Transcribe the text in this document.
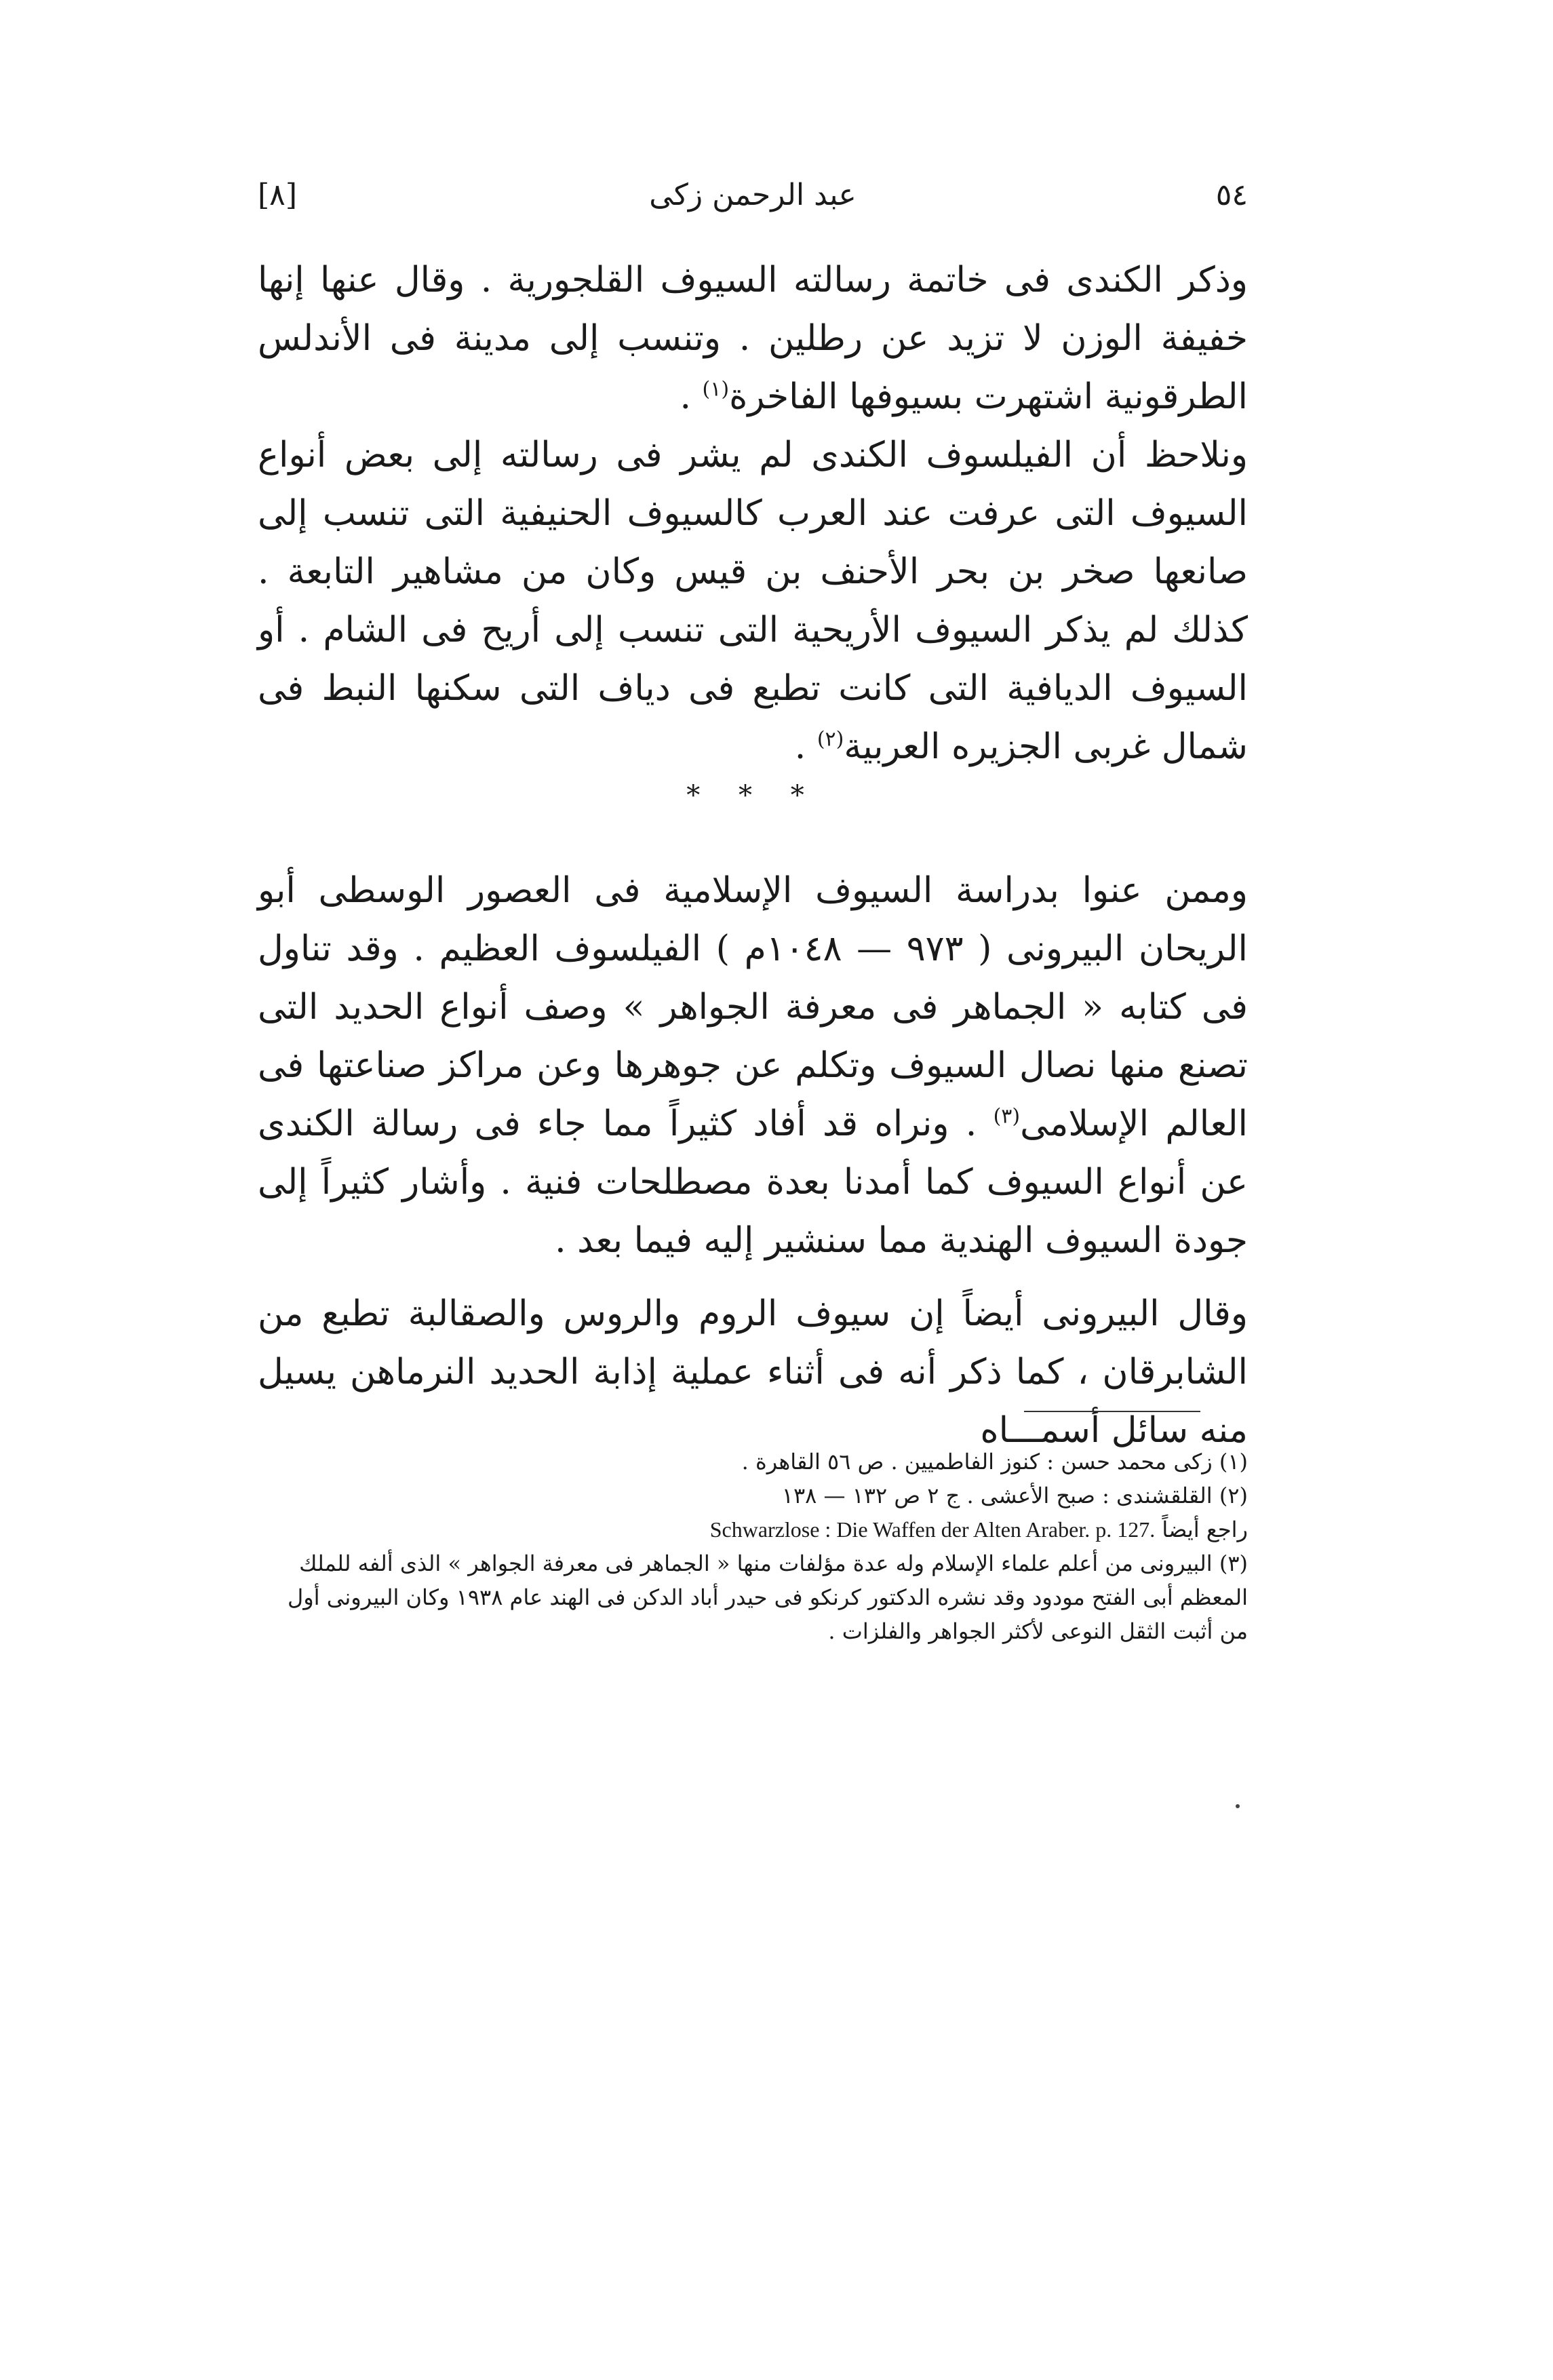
[٨]	عبد الرحمن زكى	٥٤

وذكر الكندى فى خاتمة رسالته السيوف القلجورية . وقال عنها إنها خفيفة الوزن لا تزيد عن رطلين . وتنسب إلى مدينة فى الأندلس الطرقونية اشتهرت بسيوفها الفاخرة$^{(١)}$ .

ونلاحظ أن الفيلسوف الكندى لم يشر فى رسالته إلى بعض أنواع السيوف التى عرفت عند العرب كالسيوف الحنيفية التى تنسب إلى صانعها صخر بن بحر الأحنف بن قيس وكان من مشاهير التابعة . كذلك لم يذكر السيوف الأريحية التى تنسب إلى أريح فى الشام . أو السيوف الديافية التى كانت تطبع فى دياف التى سكنها النبط فى شمال غربى الجزيره العربية$^{(٢)}$ .

* * *

وممن عنوا بدراسة السيوف الإسلامية فى العصور الوسطى أبو الريحان البيرونى ( ٩٧٣ — ١٠٤٨م ) الفيلسوف العظيم . وقد تناول فى كتابه « الجماهر فى معرفة الجواهر » وصف أنواع الحديد التى تصنع منها نصال السيوف وتكلم عن جوهرها وعن مراكز صناعتها فى العالم الإسلامى$^{(٣)}$ . ونراه قد أفاد كثيراً مما جاء فى رسالة الكندى عن أنواع السيوف كما أمدنا بعدة مصطلحات فنية . وأشار كثيراً إلى جودة السيوف الهندية مما سنشير إليه فيما بعد .

وقال البيرونى أيضاً إن سيوف الروم والروس والصقالبة تطبع من الشابرقان ، كما ذكر أنه فى أثناء عملية إذابة الحديد النرماهن يسيل منه سائل أسمـــاه

(١) زكى محمد حسن : كنوز الفاطميين . ص ٥٦ القاهرة .

(٢) القلقشندى : صبح الأعشى . ج ٢ ص ١٣٢ — ١٣٨

راجع أيضاً Schwarzlose : Die Waffen der Alten Araber. p. 127.

(٣) البيرونى من أعلم علماء الإسلام وله عدة مؤلفات منها « الجماهر فى معرفة الجواهر » الذى ألفه للملك المعظم أبى الفتح مودود وقد نشره الدكتور كرنكو فى حيدر أباد الدكن فى الهند عام ١٩٣٨ وكان البيرونى أول من أثبت الثقل النوعى لأكثر الجواهر والفلزات .
